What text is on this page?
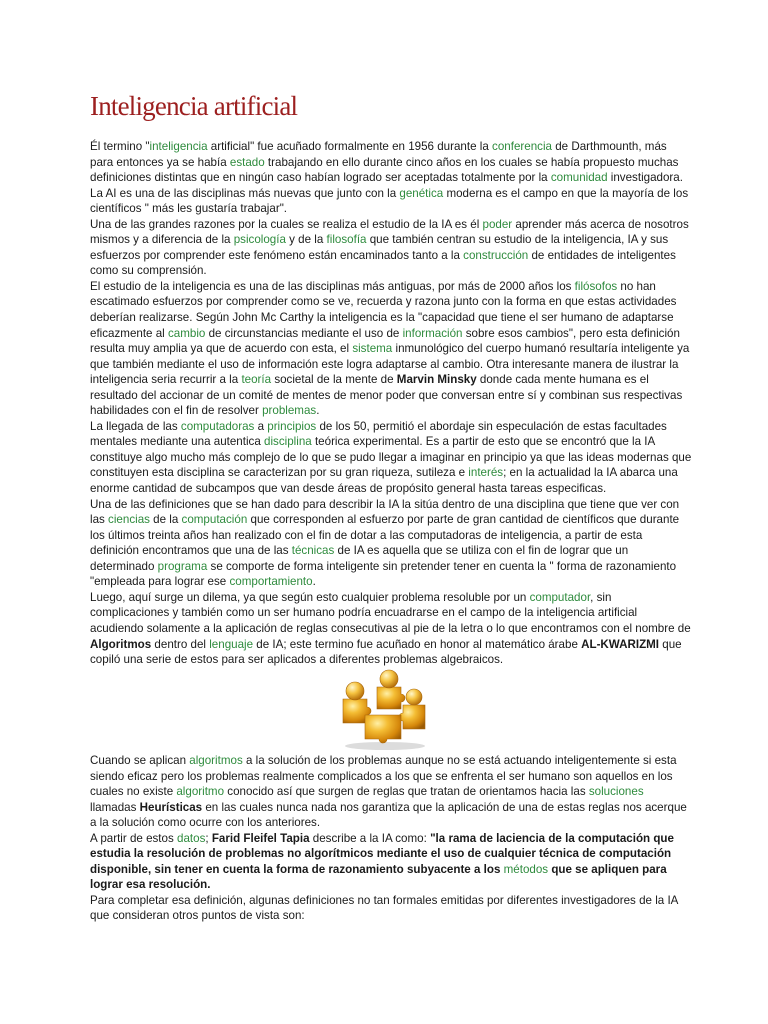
Inteligencia artificial
Él termino "inteligencia artificial" fue acuñado formalmente en 1956 durante la conferencia de Darthmounth, más
para entonces ya se había estado trabajando en ello durante cinco años en los cuales se había propuesto muchas
definiciones distintas que en ningún caso habían logrado ser aceptadas totalmente por la comunidad investigadora.
La AI es una de las disciplinas más nuevas que junto con la genética moderna es el campo en que la mayoría de los
científicos " más les gustaría trabajar".
Una de las grandes razones por la cuales se realiza el estudio de la IA es él poder aprender más acerca de nosotros
mismos y a diferencia de la psicología y de la filosofía que también centran su estudio de la inteligencia, IA y sus
esfuerzos por comprender este fenómeno están encaminados tanto a la construcción de entidades de inteligentes
como su comprensión.
El estudio de la inteligencia es una de las disciplinas más antiguas, por más de 2000 años los filósofos no han
escatimado esfuerzos por comprender como se ve, recuerda y razona junto con la forma en que estas actividades
deberían realizarse. Según John Mc Carthy la inteligencia es la "capacidad que tiene el ser humano de adaptarse
eficazmente al cambio de circunstancias mediante el uso de información sobre esos cambios", pero esta definición
resulta muy amplia ya que de acuerdo con esta, el sistema inmunológico del cuerpo humanó resultaría inteligente ya
que también mediante el uso de información este logra adaptarse al cambio. Otra interesante manera de ilustrar la
inteligencia seria recurrir a la teoría societal de la mente de Marvin Minsky donde cada mente humana es el
resultado del accionar de un comité de mentes de menor poder que conversan entre sí y combinan sus respectivas
habilidades con el fin de resolver problemas.
La llegada de las computadoras a principios de los 50, permitió el abordaje sin especulación de estas facultades
mentales mediante una autentica disciplina teórica experimental. Es a partir de esto que se encontró que la IA
constituye algo mucho más complejo de lo que se pudo llegar a imaginar en principio ya que las ideas modernas que
constituyen esta disciplina se caracterizan por su gran riqueza, sutileza e interés; en la actualidad la IA abarca una
enorme cantidad de subcampos que van desde áreas de propósito general hasta tareas especificas.
Una de las definiciones que se han dado para describir la IA la sitúa dentro de una disciplina que tiene que ver con
las ciencias de la computación que corresponden al esfuerzo por parte de gran cantidad de científicos que durante
los últimos treinta años han realizado con el fin de dotar a las computadoras de inteligencia, a partir de esta
definición encontramos que una de las técnicas de IA es aquella que se utiliza con el fin de lograr que un
determinado programa se comporte de forma inteligente sin pretender tener en cuenta la " forma de razonamiento
"empleada para lograr ese comportamiento.
Luego, aquí surge un dilema, ya que según esto cualquier problema resoluble por un computador, sin
complicaciones y también como un ser humano podría encuadrarse en el campo de la inteligencia artificial
acudiendo solamente a la aplicación de reglas consecutivas al pie de la letra o lo que encontramos con el nombre de
Algoritmos dentro del lenguaje de IA; este termino fue acuñado en honor al matemático árabe AL-KWARIZMI que
copiló una serie de estos para ser aplicados a diferentes problemas algebraicos.
Cuando se aplican algoritmos a la solución de los problemas aunque no se está actuando inteligentemente si esta
siendo eficaz pero los problemas realmente complicados a los que se enfrenta el ser humano son aquellos en los
cuales no existe algoritmo conocido así que surgen de reglas que tratan de orientamos hacia las soluciones
llamadas Heurísticas en las cuales nunca nada nos garantiza que la aplicación de una de estas reglas nos acerque
a la solución como ocurre con los anteriores.
A partir de estos datos; Farid Fleifel Tapia describe a la IA como: "la rama de laciencia de la computación que
estudia la resolución de problemas no algorítmicos mediante el uso de cualquier técnica de computación
disponible, sin tener en cuenta la forma de razonamiento subyacente a los métodos que se apliquen para
lograr esa resolución.
Para completar esa definición, algunas definiciones no tan formales emitidas por diferentes investigadores de la IA
que consideran otros puntos de vista son:
